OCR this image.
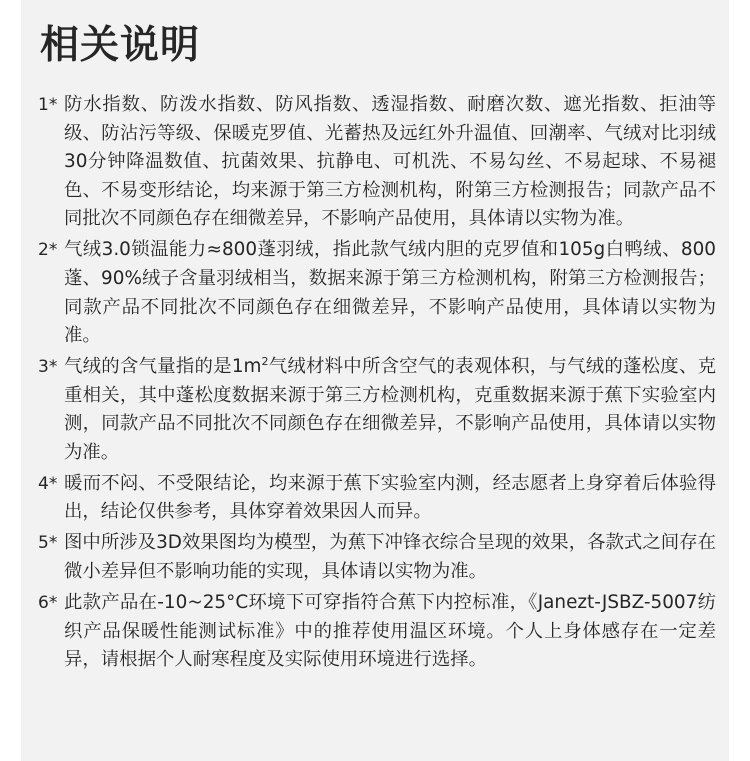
相关说明
1* 防水指数、防泼水指数、防风指数、透湿指数、耐磨次数、遮光指数、拒油等级、防沾污等级、保暖克罗值、光蓄热及远红外升温值、回潮率、气绒对比羽绒30分钟降温数值、抗菌效果、抗静电、可机洗、不易勾丝、不易起球、不易褪色、不易变形结论，均来源于第三方检测机构，附第三方检测报告；同款产品不同批次不同颜色存在细微差异，不影响产品使用，具体请以实物为准。
2* 气绒3.0锁温能力≈800蓬羽绒，指此款气绒内胆的克罗值和105g白鸭绒、800蓬、90%绒子含量羽绒相当，数据来源于第三方检测机构，附第三方检测报告；同款产品不同批次不同颜色存在细微差异，不影响产品使用，具体请以实物为准。
3* 气绒的含气量指的是$1m^2$气绒材料中所含空气的表观体积，与气绒的蓬松度、克重相关，其中蓬松度数据来源于第三方检测机构，克重数据来源于蕉下实验室内测，同款产品不同批次不同颜色存在细微差异，不影响产品使用，具体请以实物为准。
4* 暖而不闷、不受限结论，均来源于蕉下实验室内测，经志愿者上身穿着后体验得出，结论仅供参考，具体穿着效果因人而异。
5* 图中所涉及3D效果图均为模型，为蕉下冲锋衣综合呈现的效果，各款式之间存在微小差异但不影响功能的实现，具体请以实物为准。
6* 此款产品在-10~25°C环境下可穿指符合蕉下内控标准，《Janezt-JSBZ-5007纺织产品保暖性能测试标准》中的推荐使用温区环境。个人上身体感存在一定差异，请根据个人耐寒程度及实际使用环境进行选择。
